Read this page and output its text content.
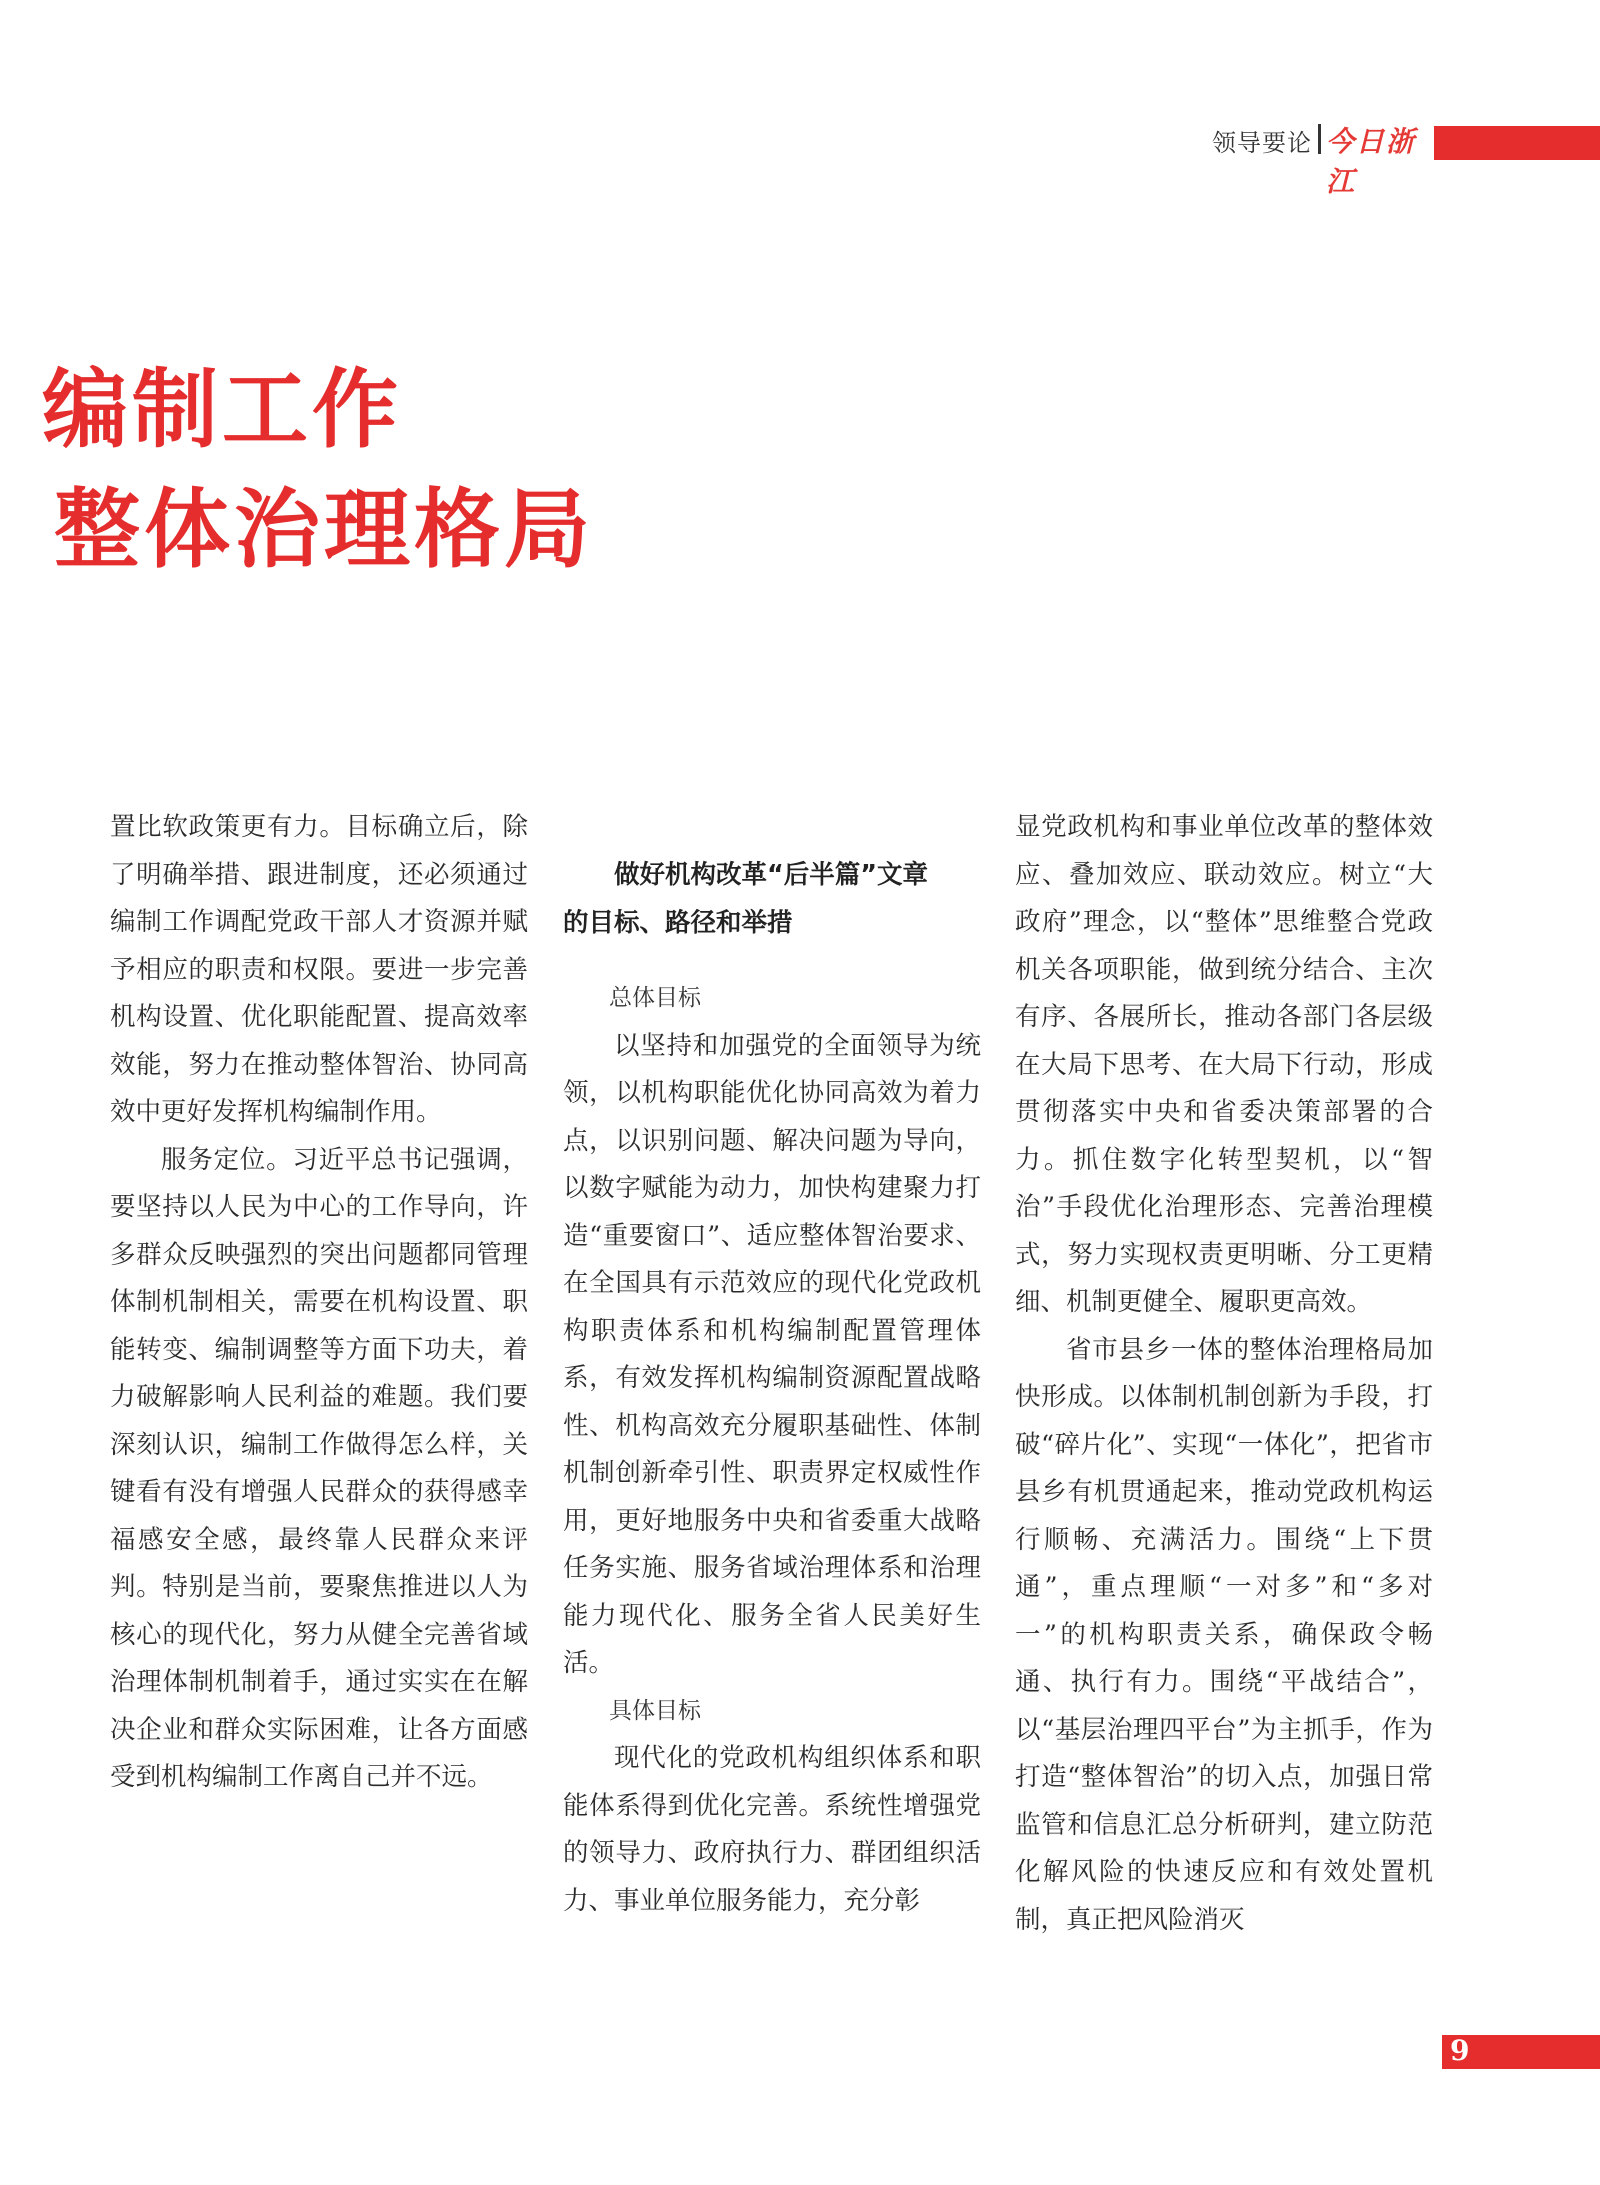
领导要论 今日浙江
编制工作
整体治理格局

置比软政策更有力。目标确立后，除了明确举措、跟进制度，还必须通过编制工作调配党政干部人才资源并赋予相应的职责和权限。要进一步完善机构设置、优化职能配置、提高效率效能，努力在推动整体智治、协同高效中更好发挥机构编制作用。

服务定位。习近平总书记强调，要坚持以人民为中心的工作导向，许多群众反映强烈的突出问题都同管理体制机制相关，需要在机构设置、职能转变、编制调整等方面下功夫，着力破解影响人民利益的难题。我们要深刻认识，编制工作做得怎么样，关键看有没有增强人民群众的获得感幸福感安全感，最终靠人民群众来评判。特别是当前，要聚焦推进以人为核心的现代化，努力从健全完善省域治理体制机制着手，通过实实在在解决企业和群众实际困难，让各方面感受到机构编制工作离自己并不远。

做好机构改革“后半篇”文章

的目标、路径和举措

总体目标

以坚持和加强党的全面领导为统领，以机构职能优化协同高效为着力点，以识别问题、解决问题为导向，以数字赋能为动力，加快构建聚力打造“重要窗口”、适应整体智治要求、在全国具有示范效应的现代化党政机构职责体系和机构编制配置管理体系，有效发挥机构编制资源配置战略性、机构高效充分履职基础性、体制机制创新牵引性、职责界定权威性作用，更好地服务中央和省委重大战略任务实施、服务省域治理体系和治理能力现代化、服务全省人民美好生活。

具体目标

现代化的党政机构组织体系和职能体系得到优化完善。系统性增强党的领导力、政府执行力、群团组织活力、事业单位服务能力，充分彰

显党政机构和事业单位改革的整体效应、叠加效应、联动效应。树立“大政府”理念，以“整体”思维整合党政机关各项职能，做到统分结合、主次有序、各展所长，推动各部门各层级在大局下思考、在大局下行动，形成贯彻落实中央和省委决策部署的合力。抓住数字化转型契机，以“智治”手段优化治理形态、完善治理模式，努力实现权责更明晰、分工更精细、机制更健全、履职更高效。

省市县乡一体的整体治理格局加快形成。以体制机制创新为手段，打破“碎片化”、实现“一体化”，把省市县乡有机贯通起来，推动党政机构运行顺畅、充满活力。围绕“上下贯通”，重点理顺“一对多”和“多对一”的机构职责关系，确保政令畅通、执行有力。围绕“平战结合”，以“基层治理四平台”为主抓手，作为打造“整体智治”的切入点，加强日常监管和信息汇总分析研判，建立防范化解风险的快速反应和有效处置机制，真正把风险消灭

9
